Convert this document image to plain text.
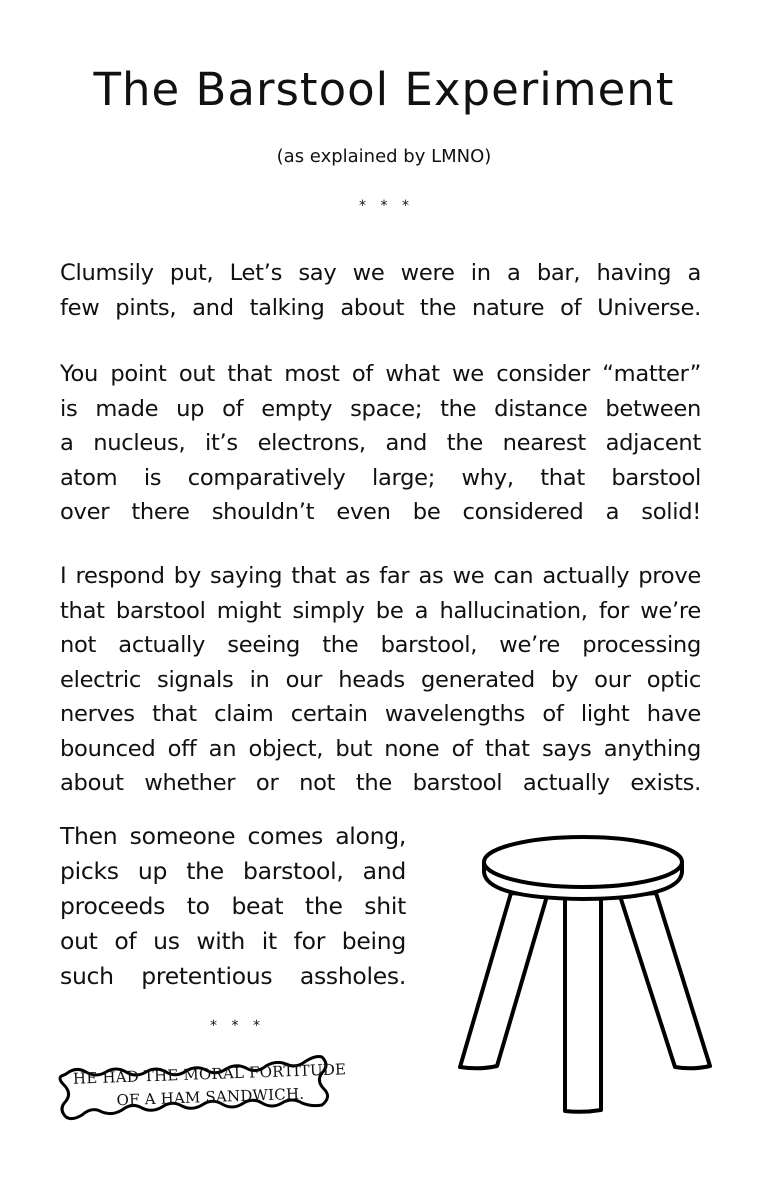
The Barstool Experiment
(as explained by LMNO)
* * *

Clumsily put, Let’s say we were in a bar, having a
few pints, and talking about the nature of Universe.

You point out that most of what we consider “matter”
is made up of empty space; the distance between
a nucleus, it’s electrons, and the nearest adjacent
atom is comparatively large; why, that barstool
over there shouldn’t even be considered a solid!

I respond by saying that as far as we can actually prove
that barstool might simply be a hallucination, for we’re
not actually seeing the barstool, we’re processing
electric signals in our heads generated by our optic
nerves that claim certain wavelengths of light have
bounced off an object, but none of that says anything
about whether or not the barstool actually exists.

Then someone comes along,
picks up the barstool, and
proceeds to beat the shit
out of us with it for being
such pretentious assholes.

* * *
HE HAD THE MORAL FORTITUDE
OF A HAM SANDWICH.
